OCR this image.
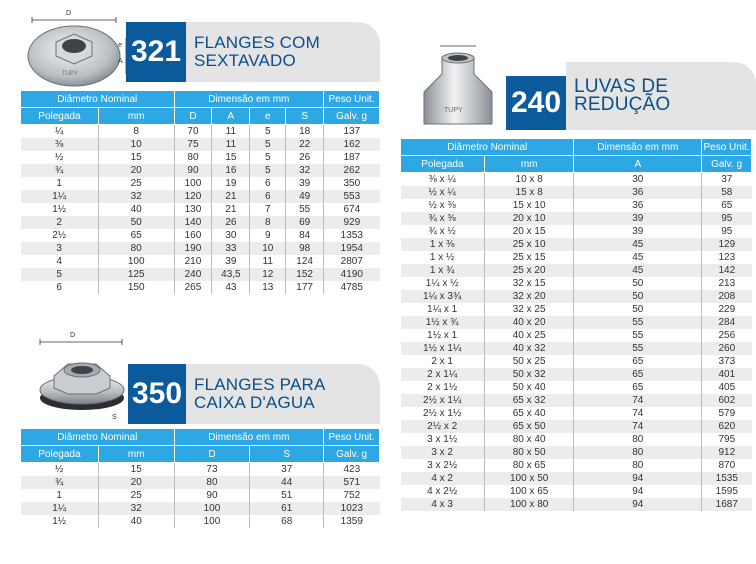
TUPY
D
e
A 321 FLANGES COM
SEXTAVADO
Diâmetro Nominal		Dimensão em mm				Peso Unit.
Polegada	mm	D	A	e	S	Galv. g
¼	8	70	11	5	18	137
⅜	10	75	11	5	22	162
½	15	80	15	5	26	187
¾	20	90	16	5	32	262
1	25	100	19	6	39	350
1¼	32	120	21	6	49	553
1½	40	130	21	7	55	674
2	50	140	26	8	69	929
2½	65	160	30	9	84	1353
3	80	190	33	10	98	1954
4	100	210	39	11	124	2807
5	125	240	43,5	12	152	4190
6	150	265	43	13	177	4785
D
S
350 FLANGES PARA
CAIXA D'AGUA
Diâmetro Nominal		Dimensão em mm		Peso Unit.
Polegada	mm	D	S	Galv. g
½	15	73	37	423
¾	20	80	44	571
1	25	90	51	752
1¼	32	100	61	1023
1½	40	100	68	1359
TUPY 240 LUVAS DE REDUÇÃO
Diâmetro Nominal		Dimensão em mm	Peso Unit.
Polegada	mm	A	Galv. g
⅜ x ¼	10 x 8	30	37
½ x ¼	15 x 8	36	58
½ x ⅜	15 x 10	36	65
¾ x ⅜	20 x 10	39	95
¾ x ½	20 x 15	39	95
1 x ⅜	25 x 10	45	129
1 x ½	25 x 15	45	123
1 x ¾	25 x 20	45	142
1¼ x ½	32 x 15	50	213
1¼ x 3¾	32 x 20	50	208
1¼ x 1	32 x 25	50	229
1½ x ¾	40 x 20	55	284
1½ x 1	40 x 25	55	256
1½ x 1¼	40 x 32	55	260
2 x 1	50 x 25	65	373
2 x 1¼	50 x 32	65	401
2 x 1½	50 x 40	65	405
2½ x 1¼	65 x 32	74	602
2½ x 1½	65 x 40	74	579
2½ x 2	65 x 50	74	620
3 x 1½	80 x 40	80	795
3 x 2	80 x 50	80	912
3 x 2½	80 x 65	80	870
4 x 2	100 x 50	94	1535
4 x 2½	100 x 65	94	1595
4 x 3	100 x 80	94	1687
